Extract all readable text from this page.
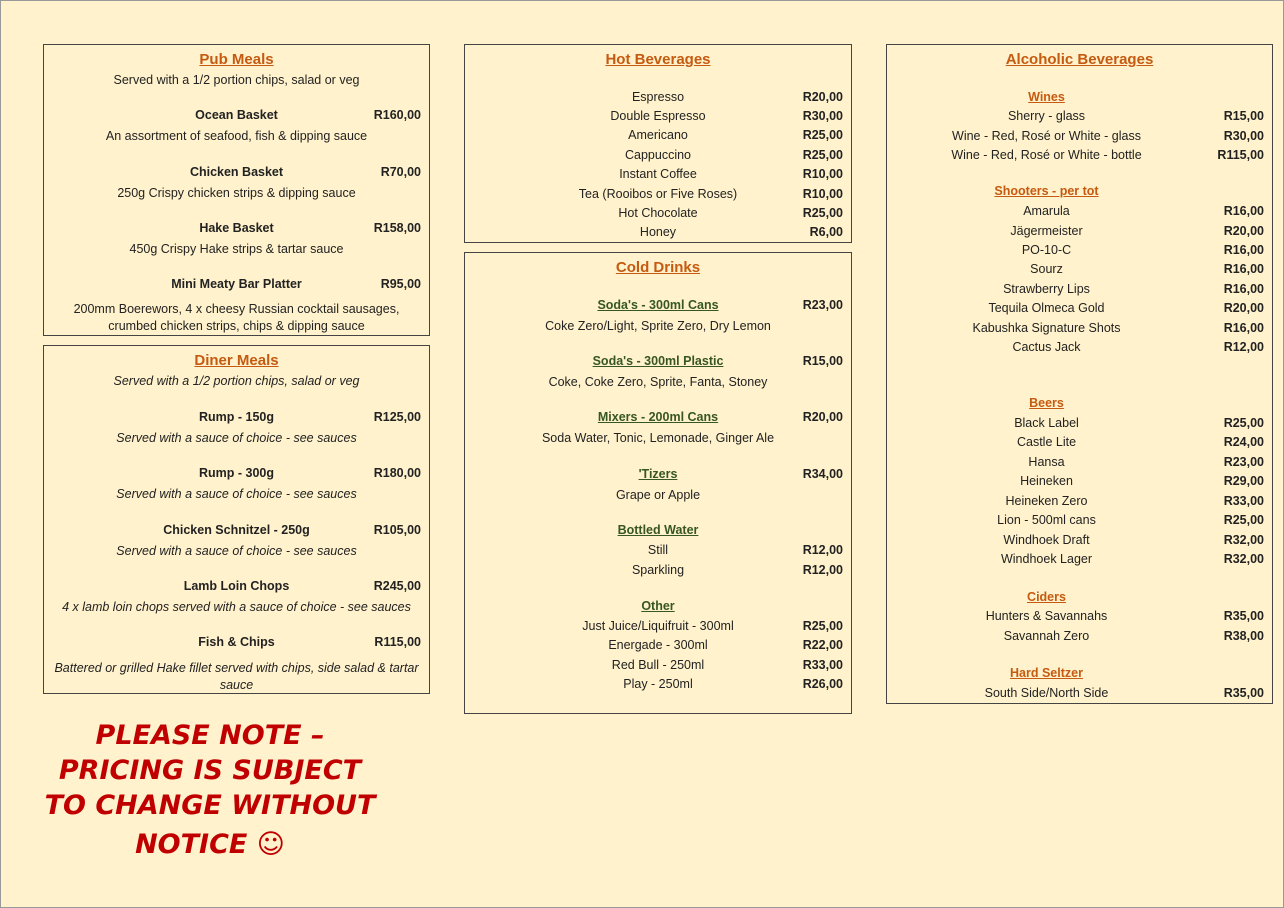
Pub Meals
Served with a 1/2 portion chips, salad or veg
Ocean Basket	R160,00
An assortment of seafood, fish & dipping sauce
Chicken Basket	R70,00
250g Crispy chicken strips & dipping sauce
Hake Basket	R158,00
450g Crispy Hake strips & tartar sauce
Mini Meaty Bar Platter	R95,00
200mm Boerewors, 4 x cheesy Russian cocktail sausages,
crumbed chicken strips, chips & dipping sauce
Diner Meals
Served with a 1/2 portion chips, salad or veg
Rump - 150g	R125,00
Served with a sauce of choice - see sauces
Rump - 300g	R180,00
Served with a sauce of choice - see sauces
Chicken Schnitzel - 250g	R105,00
Served with a sauce of choice - see sauces
Lamb Loin Chops	R245,00
4 x lamb loin chops served with a sauce of choice - see sauces
Fish & Chips	R115,00
Battered or grilled Hake fillet served with chips, side salad & tartar
sauce
PLEASE NOTE –
PRICING IS SUBJECT
TO CHANGE WITHOUT
NOTICE ☺
Hot Beverages
Espresso	R20,00
Double Espresso	R30,00
Americano	R25,00
Cappuccino	R25,00
Instant Coffee	R10,00
Tea (Rooibos or Five Roses)	R10,00
Hot Chocolate	R25,00
Honey	R6,00
Cold Drinks
Soda's - 300ml Cans	R23,00
Coke Zero/Light, Sprite Zero, Dry Lemon
Soda's - 300ml Plastic	R15,00
Coke, Coke Zero, Sprite, Fanta, Stoney
Mixers - 200ml Cans	R20,00
Soda Water, Tonic, Lemonade, Ginger Ale
'Tizers	R34,00
Grape or Apple
Bottled Water
Still	R12,00
Sparkling	R12,00
Other
Just Juice/Liquifruit - 300ml	R25,00
Energade - 300ml	R22,00
Red Bull - 250ml	R33,00
Play - 250ml	R26,00
Alcoholic Beverages
Wines
Sherry - glass	R15,00
Wine - Red, Rosé or White - glass	R30,00
Wine - Red, Rosé or White - bottle	R115,00
Shooters - per tot
Amarula	R16,00
Jägermeister	R20,00
PO-10-C	R16,00
Sourz	R16,00
Strawberry Lips	R16,00
Tequila Olmeca Gold	R20,00
Kabushka Signature Shots	R16,00
Cactus Jack	R12,00
Beers
Black Label	R25,00
Castle Lite	R24,00
Hansa	R23,00
Heineken	R29,00
Heineken Zero	R33,00
Lion - 500ml cans	R25,00
Windhoek Draft	R32,00
Windhoek Lager	R32,00
Ciders
Hunters & Savannahs	R35,00
Savannah Zero	R38,00
Hard Seltzer
South Side/North Side	R35,00
